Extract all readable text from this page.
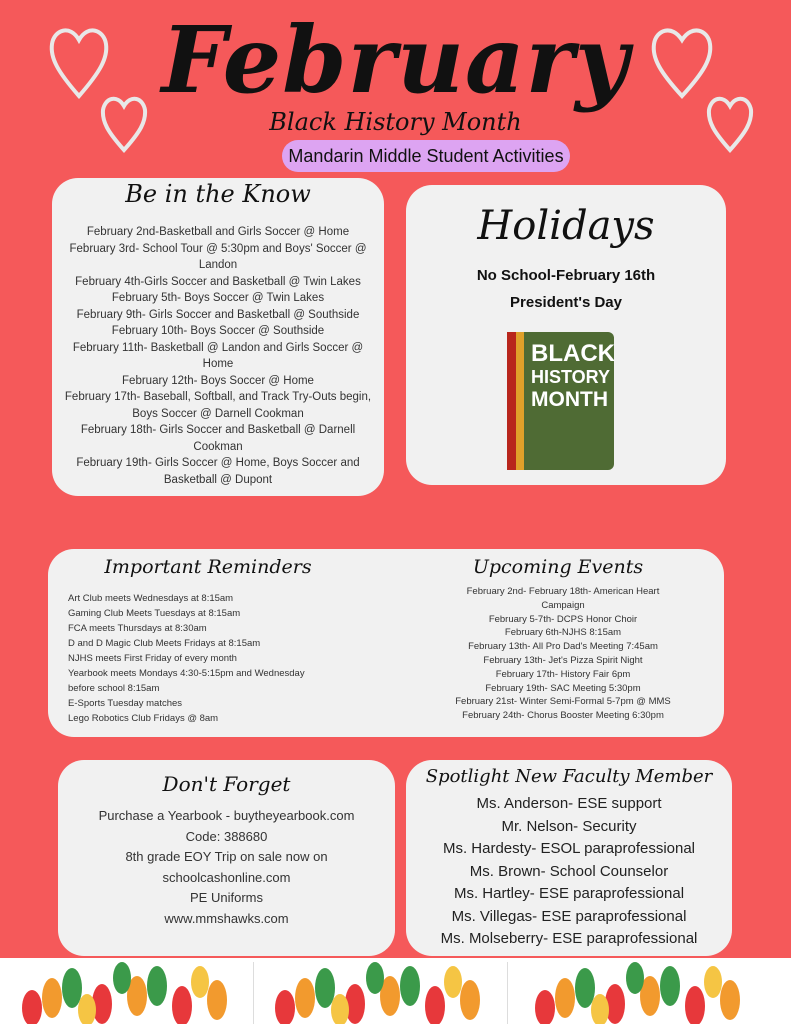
February
Black History Month
Mandarin Middle Student Activities
Be in the Know
February 2nd-Basketball and Girls Soccer @ Home
February 3rd- School Tour @ 5:30pm and Boys' Soccer @ Landon
February 4th-Girls Soccer and Basketball @ Twin Lakes
February 5th- Boys Soccer @ Twin Lakes
February 9th- Girls Soccer and Basketball @ Southside
February 10th- Boys Soccer @ Southside
February 11th- Basketball @ Landon and Girls Soccer @ Home
February 12th- Boys Soccer @ Home
February 17th- Baseball, Softball, and Track Try-Outs begin, Boys Soccer @ Darnell Cookman
February 18th- Girls Soccer and Basketball @ Darnell Cookman
February 19th- Girls Soccer @ Home, Boys Soccer and Basketball @ Dupont
Holidays
No School-February 16th
President's Day
BLACK
HISTORY
MONTH
Important Reminders
Art Club meets Wednesdays at 8:15am
Gaming Club Meets Tuesdays at 8:15am
FCA meets Thursdays at 8:30am
D and D Magic Club Meets Fridays at 8:15am
NJHS meets First Friday of every month
Yearbook meets Mondays 4:30-5:15pm and Wednesday
before school 8:15am
E-Sports Tuesday matches
Lego Robotics Club Fridays @ 8am
Upcoming Events
February 2nd- February 18th- American Heart Campaign
February 5-7th- DCPS Honor Choir
February 6th-NJHS 8:15am
February 13th- All Pro Dad's Meeting 7:45am
February 13th- Jet's Pizza Spirit Night
February 17th- History Fair 6pm
February 19th- SAC Meeting 5:30pm
February 21st- Winter Semi-Formal 5-7pm @ MMS
February 24th- Chorus Booster Meeting 6:30pm
Don't Forget
Purchase a Yearbook - buytheyearbook.com
Code: 388680
8th grade EOY Trip on sale now on
schoolcashonline.com
PE Uniforms
www.mmshawks.com
Spotlight New Faculty Member
Ms. Anderson- ESE support
Mr. Nelson- Security
Ms. Hardesty- ESOL paraprofessional
Ms. Brown- School Counselor
Ms. Hartley- ESE paraprofessional
Ms. Villegas- ESE paraprofessional
Ms. Molseberry- ESE paraprofessional
